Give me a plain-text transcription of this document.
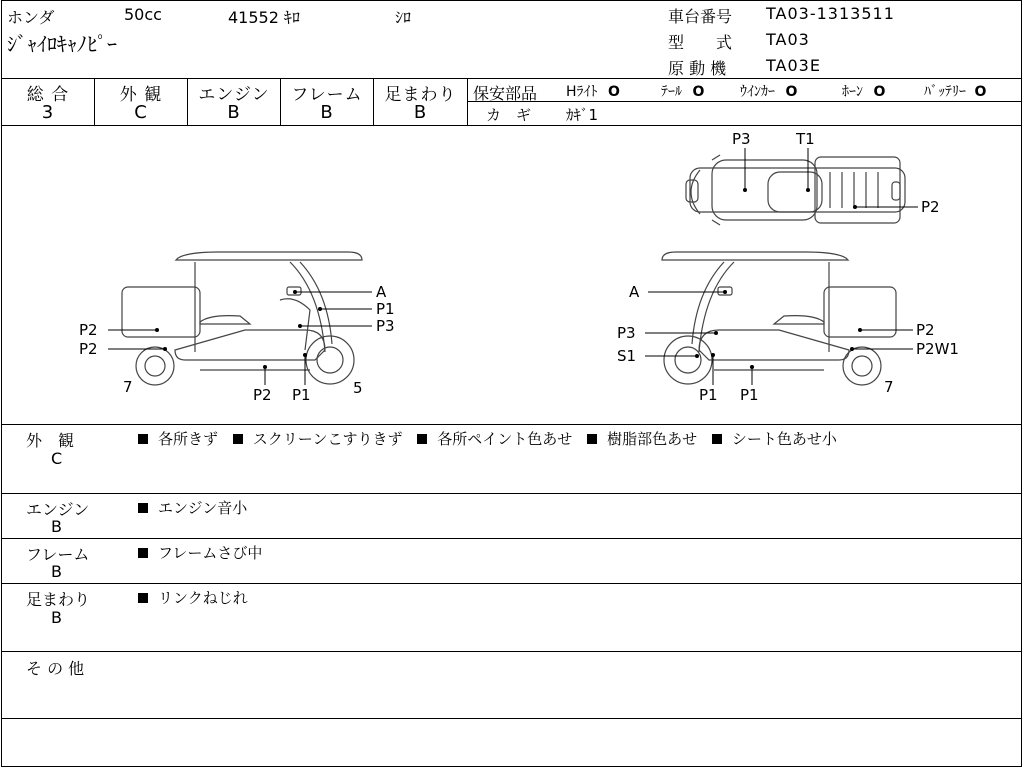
ホンダ	50cc	41552 ｷﾛ	ｼﾛ
ｼﾞｬｲﾛｷｬﾉﾋﾟｰ
車台番号 TA03-1313511
型　　式 TA03
原 動 機 TA03E
総 合	外 観	エンジン	フレーム	足まわり
3	C	B	B	B
保安部品 Hﾗｲﾄ O	ﾃｰﾙ O	ｳｲﾝｶｰ O	ﾎｰﾝ O	ﾊﾞｯﾃﾘｰ O
カ　ギ ｶｷﾞ1
P3	T1
P2
A
P1
P3
P2
P2
7	P2 P1	5
A
P3
S1
P2
P2W1
P1 P1	7
外　観
C
各所きず スクリーンこすりきず 各所ペイント色あせ 樹脂部色あせ シート色あせ小
エンジン
B
エンジン音小
フレーム
B
フレームさび中
足まわり
B
リンクねじれ
そ の 他
